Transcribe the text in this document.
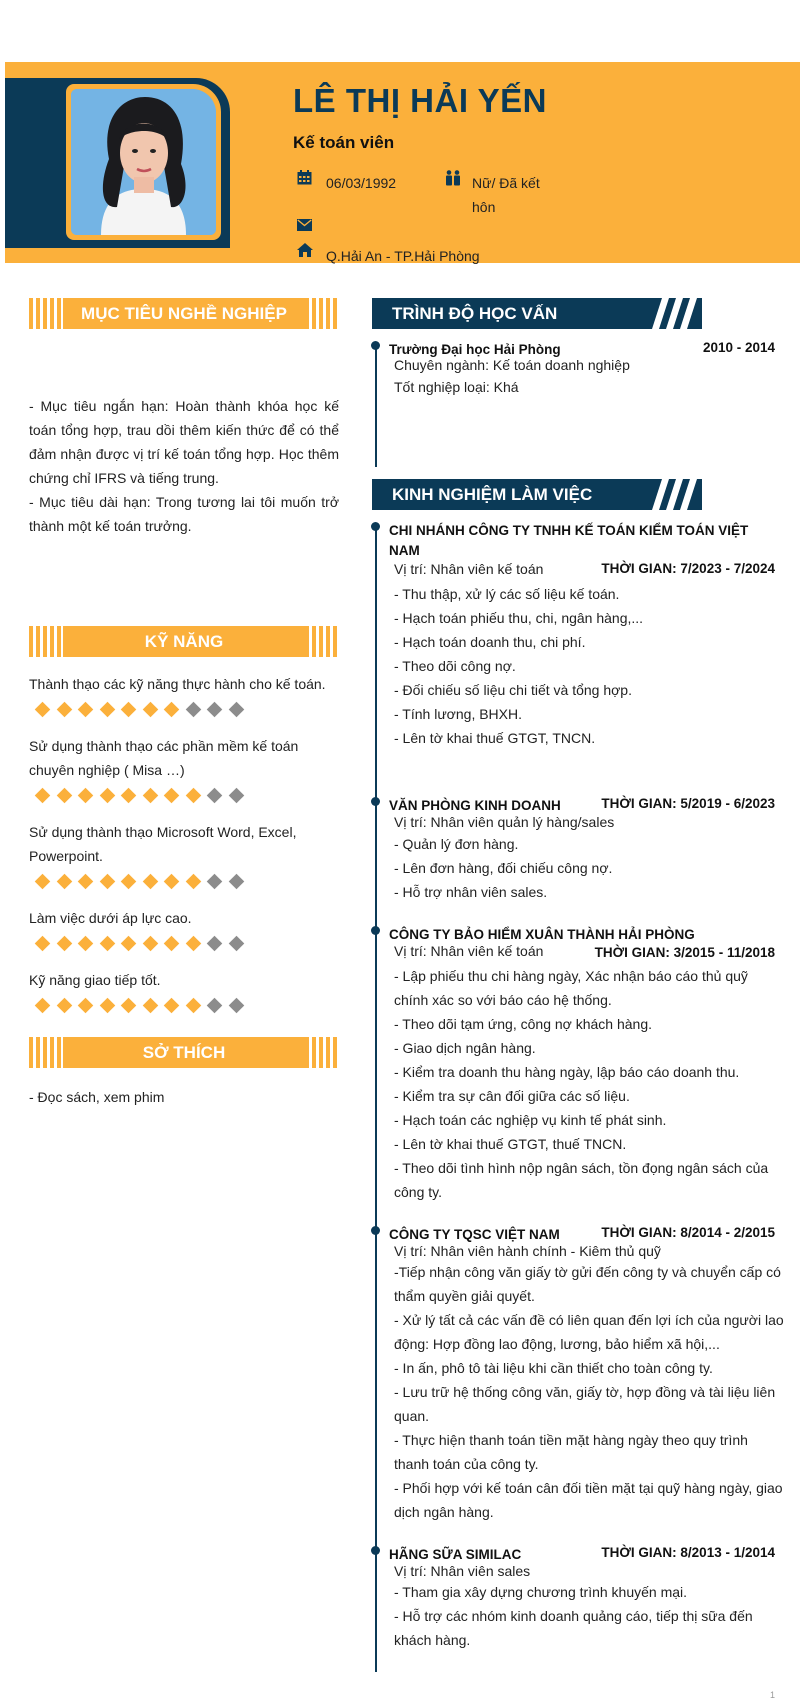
LÊ THỊ HẢI YẾN
Kế toán viên
06/03/1992	Nữ/ Đã kết hôn
Q.Hải An - TP.Hải Phòng
MỤC TIÊU NGHỀ NGHIỆP
- Mục tiêu ngắn hạn: Hoàn thành khóa học kế toán tổng hợp, trau dồi thêm kiến thức để có thể đảm nhận được vị trí kế toán tổng hợp. Học thêm chứng chỉ IFRS và tiếng trung.
- Mục tiêu dài hạn: Trong tương lai tôi muốn trở thành một kế toán trưởng.
KỸ NĂNG
Thành thạo các kỹ năng thực hành cho kế toán.
Sử dụng thành thạo các phần mềm kế toán chuyên nghiệp ( Misa …)
Sử dụng thành thạo Microsoft Word, Excel, Powerpoint.
Làm việc dưới áp lực cao.
Kỹ năng giao tiếp tốt.
SỞ THÍCH
- Đọc sách, xem phim
TRÌNH ĐỘ HỌC VẤN
Trường Đại học Hải Phòng	2010 - 2014
Chuyên ngành: Kế toán doanh nghiệp
Tốt nghiệp loại: Khá
KINH NGHIỆM LÀM VIỆC
CHI NHÁNH CÔNG TY TNHH KẾ TOÁN KIỂM TOÁN VIỆT NAM
Vị trí: Nhân viên kế toán	THỜI GIAN: 7/2023 - 7/2024
- Thu thập, xử lý các số liệu kế toán.
- Hạch toán phiếu thu, chi, ngân hàng,...
- Hạch toán doanh thu, chi phí.
- Theo dõi công nợ.
- Đối chiếu số liệu chi tiết và tổng hợp.
- Tính lương, BHXH.
- Lên tờ khai thuế GTGT, TNCN.
VĂN PHÒNG KINH DOANH	THỜI GIAN: 5/2019 - 6/2023
Vị trí: Nhân viên quản lý hàng/sales
- Quản lý đơn hàng.
- Lên đơn hàng, đối chiếu công nợ.
- Hỗ trợ nhân viên sales.
CÔNG TY BẢO HIỂM XUÂN THÀNH HẢI PHÒNG
Vị trí: Nhân viên kế toán	THỜI GIAN: 3/2015 - 11/2018
- Lập phiếu thu chi hàng ngày, Xác nhận báo cáo thủ quỹ chính xác so với báo cáo hệ thống.
- Theo dõi tạm ứng, công nợ khách hàng.
- Giao dịch ngân hàng.
- Kiểm tra doanh thu hàng ngày, lập báo cáo doanh thu.
- Kiểm tra sự cân đối giữa các số liệu.
- Hạch toán các nghiệp vụ kinh tế phát sinh.
- Lên tờ khai thuế GTGT, thuế TNCN.
- Theo dõi tình hình nộp ngân sách, tồn đọng ngân sách của công ty.
CÔNG TY TQSC VIỆT NAM	THỜI GIAN: 8/2014 - 2/2015
Vị trí: Nhân viên hành chính - Kiêm thủ quỹ
-Tiếp nhận công văn giấy tờ gửi đến công ty và chuyển cấp có thẩm quyền giải quyết.
- Xử lý tất cả các vấn đề có liên quan đến lợi ích của người lao động: Hợp đồng lao động, lương, bảo hiểm xã hội,...
- In ấn, phô tô tài liệu khi cần thiết cho toàn công ty.
- Lưu trữ hệ thống công văn, giấy tờ, hợp đồng và tài liệu liên quan.
- Thực hiện thanh toán tiền mặt hàng ngày theo quy trình thanh toán của công ty.
- Phối hợp với kế toán cân đối tiền mặt tại quỹ hàng ngày, giao dịch ngân hàng.
HÃNG SỮA SIMILAC	THỜI GIAN: 8/2013 - 1/2014
Vị trí: Nhân viên sales
- Tham gia xây dựng chương trình khuyến mại.
- Hỗ trợ các nhóm kinh doanh quảng cáo, tiếp thị sữa đến khách hàng.
1
